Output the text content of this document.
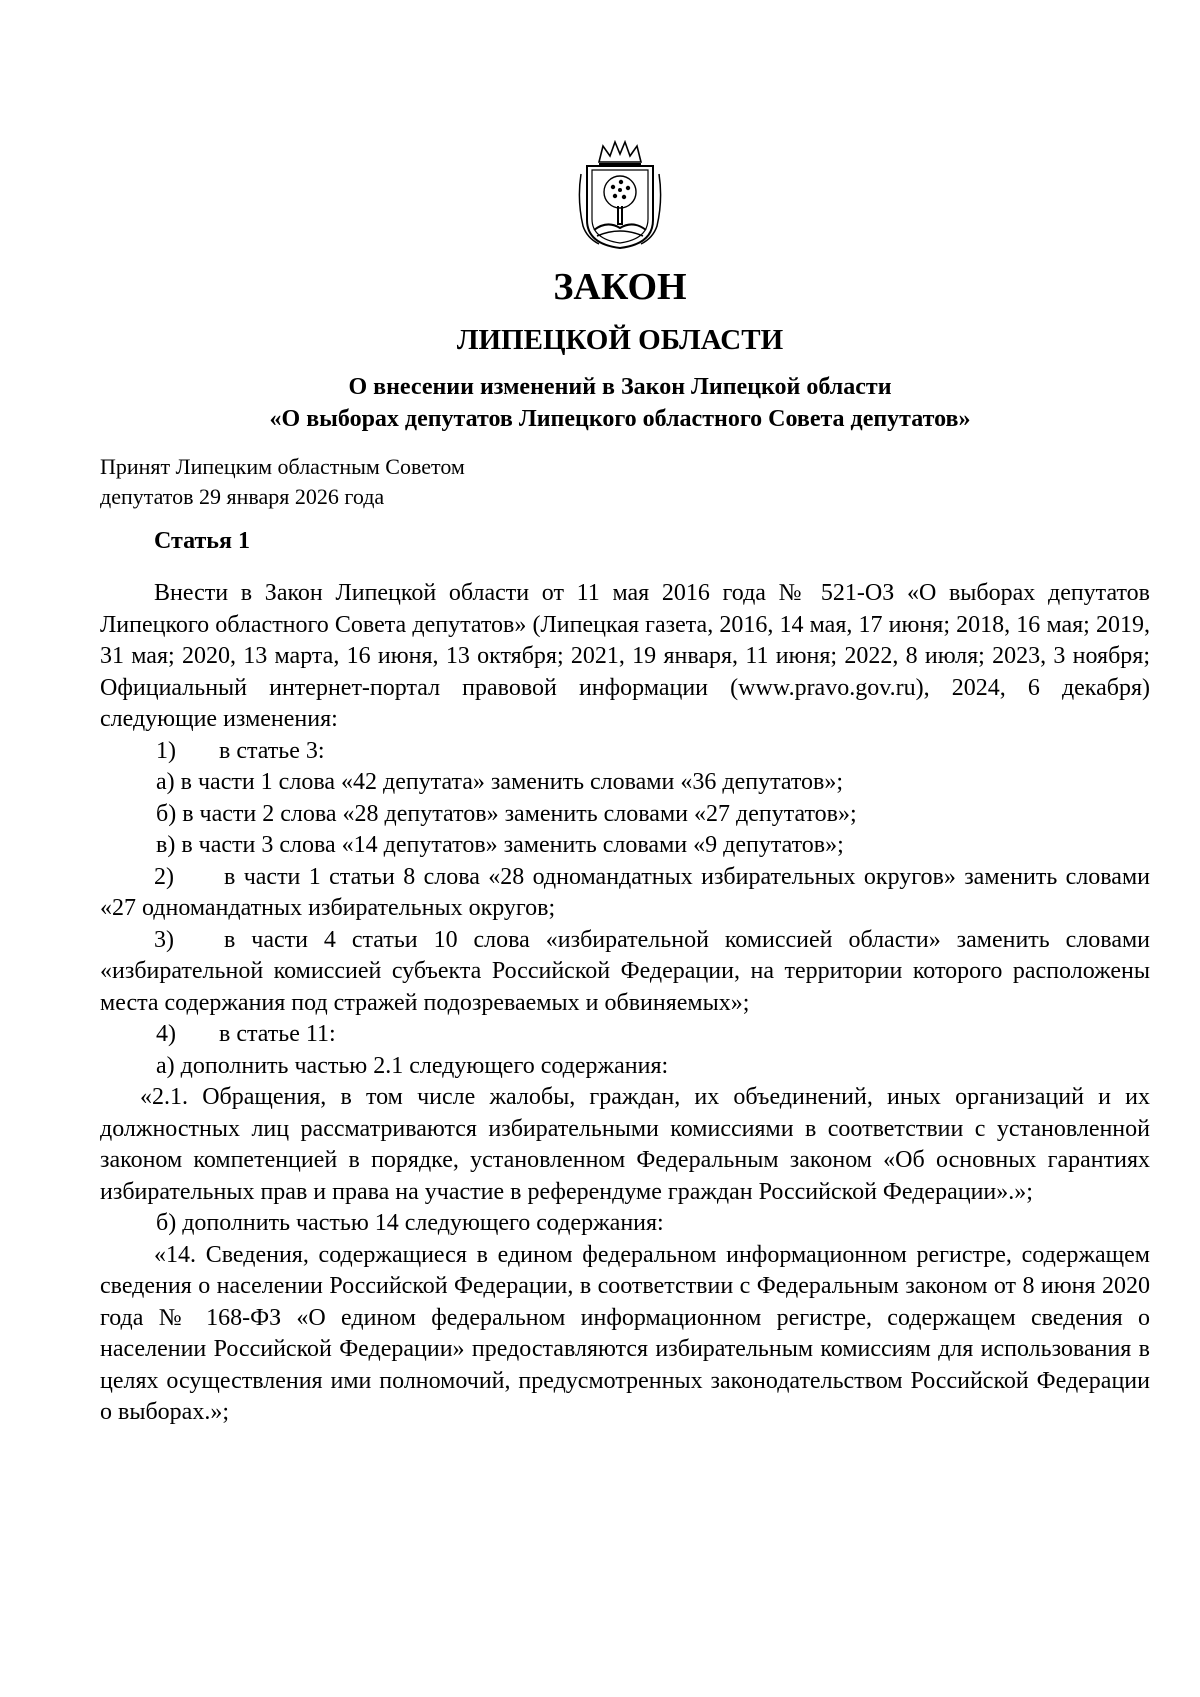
ЗАКОН
ЛИПЕЦКОЙ ОБЛАСТИ
О внесении изменений в Закон Липецкой области
«О выборах депутатов Липецкого областного Совета депутатов»
Принят Липецким областным Советом
депутатов 29 января 2026 года
Статья 1

Внести в Закон Липецкой области от 11 мая 2016 года № 521-ОЗ «О выборах депутатов Липецкого областного Совета депутатов» (Липецкая газета, 2016, 14 мая, 17 июня; 2018, 16 мая; 2019, 31 мая; 2020, 13 марта, 16 июня, 13 октября; 2021, 19 января, 11 июня; 2022, 8 июля; 2023, 3 ноября; Официальный интернет-портал правовой информации (www.pravo.gov.ru), 2024, 6 декабря) следующие изменения:

1) в статье 3:

а) в части 1 слова «42 депутата» заменить словами «36 депутатов»;

б) в части 2 слова «28 депутатов» заменить словами «27 депутатов»;

в) в части 3 слова «14 депутатов» заменить словами «9 депутатов»;

2) в части 1 статьи 8 слова «28 одномандатных избирательных округов» заменить словами «27 одномандатных избирательных округов;

3) в части 4 статьи 10 слова «избирательной комиссией области» заменить словами «избирательной комиссией субъекта Российской Федерации, на территории которого расположены места содержания под стражей подозреваемых и обвиняемых»;

4) в статье 11:

а) дополнить частью 2.1 следующего содержания:

«2.1. Обращения, в том числе жалобы, граждан, их объединений, иных организаций и их должностных лиц рассматриваются избирательными комиссиями в соответствии с установленной законом компетенцией в порядке, установленном Федеральным законом «Об основных гарантиях избирательных прав и права на участие в референдуме граждан Российской Федерации».»;

б) дополнить частью 14 следующего содержания:

«14. Сведения, содержащиеся в едином федеральном информационном регистре, содержащем сведения о населении Российской Федерации, в соответствии с Федеральным законом от 8 июня 2020 года № 168-ФЗ «О едином федеральном информационном регистре, содержащем сведения о населении Российской Федерации» предоставляются избирательным комиссиям для использования в целях осуществления ими полномочий, предусмотренных законодательством Российской Федерации о выборах.»;
